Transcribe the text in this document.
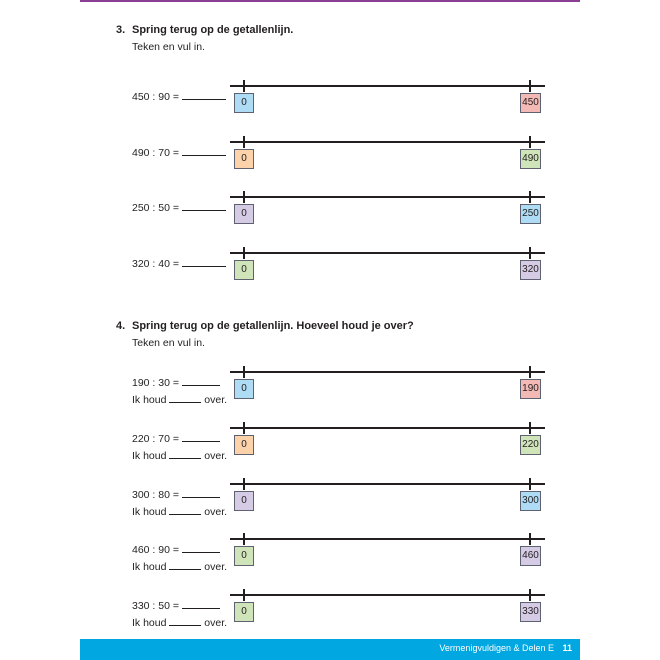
3. Spring terug op de getallenlijn.
Teken en vul in.
450 : 90 =	0	450
490 : 70 =	0	490
250 : 50 =	0	250
320 : 40 =	0	320
4. Spring terug op de getallenlijn. Hoeveel houd je over?
Teken en vul in.
190 : 30 =
Ik houd	over.
0	190
220 : 70 =
Ik houd	over.
0	220
300 : 80 =
Ik houd	over.
0	300
460 : 90 =
Ik houd	over.
0	460
330 : 50 =
Ik houd	over.
0	330
Vermenigvuldigen & Delen E 11
